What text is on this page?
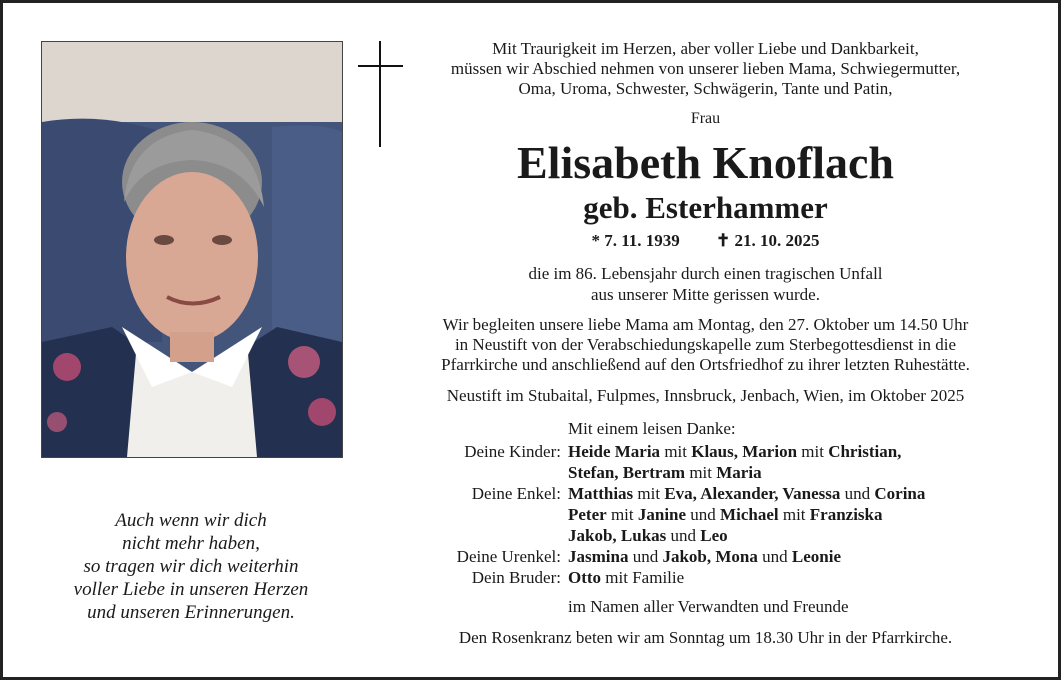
Mit Traurigkeit im Herzen, aber voller Liebe und Dankbarkeit,
müssen wir Abschied nehmen von unserer lieben Mama, Schwiegermutter,
Oma, Uroma, Schwester, Schwägerin, Tante und Patin,
Frau
Elisabeth Knoflach
geb. Esterhammer
* 7. 11. 1939 ✝ 21. 10. 2025
die im 86. Lebensjahr durch einen tragischen Unfall
aus unserer Mitte gerissen wurde.
Wir begleiten unsere liebe Mama am Montag, den 27. Oktober um 14.50 Uhr
in Neustift von der Verabschiedungskapelle zum Sterbegottesdienst in die
Pfarrkirche und anschließend auf den Ortsfriedhof zu ihrer letzten Ruhestätte.
Neustift im Stubaital, Fulpmes, Innsbruck, Jenbach, Wien, im Oktober 2025
Mit einem leisen Danke:
Deine Kinder: Heide Maria mit Klaus, Marion mit Christian,
Stefan, Bertram mit Maria
Deine Enkel: Matthias mit Eva, Alexander, Vanessa und Corina
Peter mit Janine und Michael mit Franziska
Jakob, Lukas und Leo
Deine Urenkel: Jasmina und Jakob, Mona und Leonie
Dein Bruder: Otto mit Familie
im Namen aller Verwandten und Freunde
Den Rosenkranz beten wir am Sonntag um 18.30 Uhr in der Pfarrkirche.
Auch wenn wir dich
nicht mehr haben,
so tragen wir dich weiterhin
voller Liebe in unseren Herzen
und unseren Erinnerungen.
